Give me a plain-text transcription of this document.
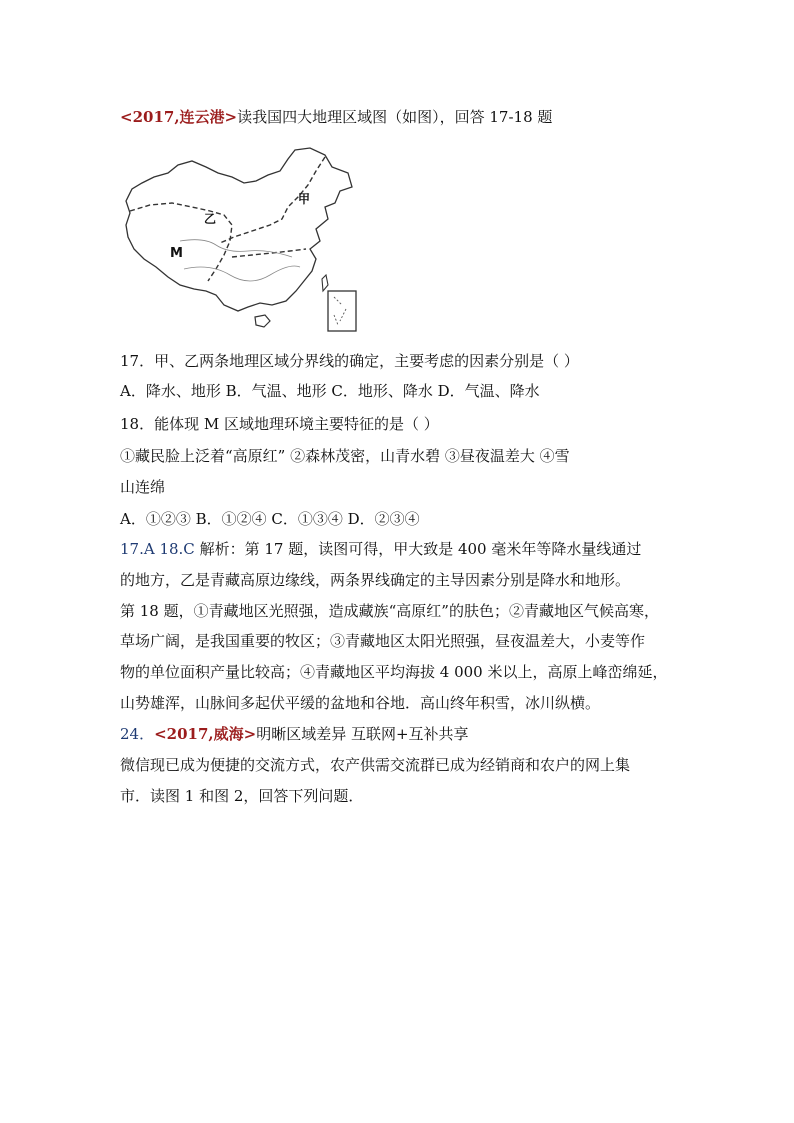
<2017,连云港>读我国四大地理区域图（如图），回答 17-18 题
甲
乙
M
17．甲、乙两条地理区域分界线的确定，主要考虑的因素分别是（ ）
A．降水、地形 B．气温、地形 C．地形、降水 D．气温、降水
18．能体现 M 区域地理环境主要特征的是（ ）
①藏民脸上泛着“高原红” ②森林茂密，山青水碧 ③昼夜温差大 ④雪
山连绵
A．①②③ B．①②④ C．①③④ D．②③④
17.A 18.C 解析：第 17 题，读图可得，甲大致是 400 毫米年等降水量线通过
的地方，乙是青藏高原边缘线，两条界线确定的主导因素分别是降水和地形。
第 18 题，①青藏地区光照强，造成藏族“高原红”的肤色；②青藏地区气候高寒，
草场广阔，是我国重要的牧区；③青藏地区太阳光照强，昼夜温差大，小麦等作
物的单位面积产量比较高；④青藏地区平均海拔 4 000 米以上，高原上峰峦绵延，
山势雄浑，山脉间多起伏平缓的盆地和谷地．高山终年积雪，冰川纵横。
24．<2017,威海>明晰区域差异 互联网+互补共享
微信现已成为便捷的交流方式，农产供需交流群已成为经销商和农户的网上集
市．读图 1 和图 2，回答下列问题．
